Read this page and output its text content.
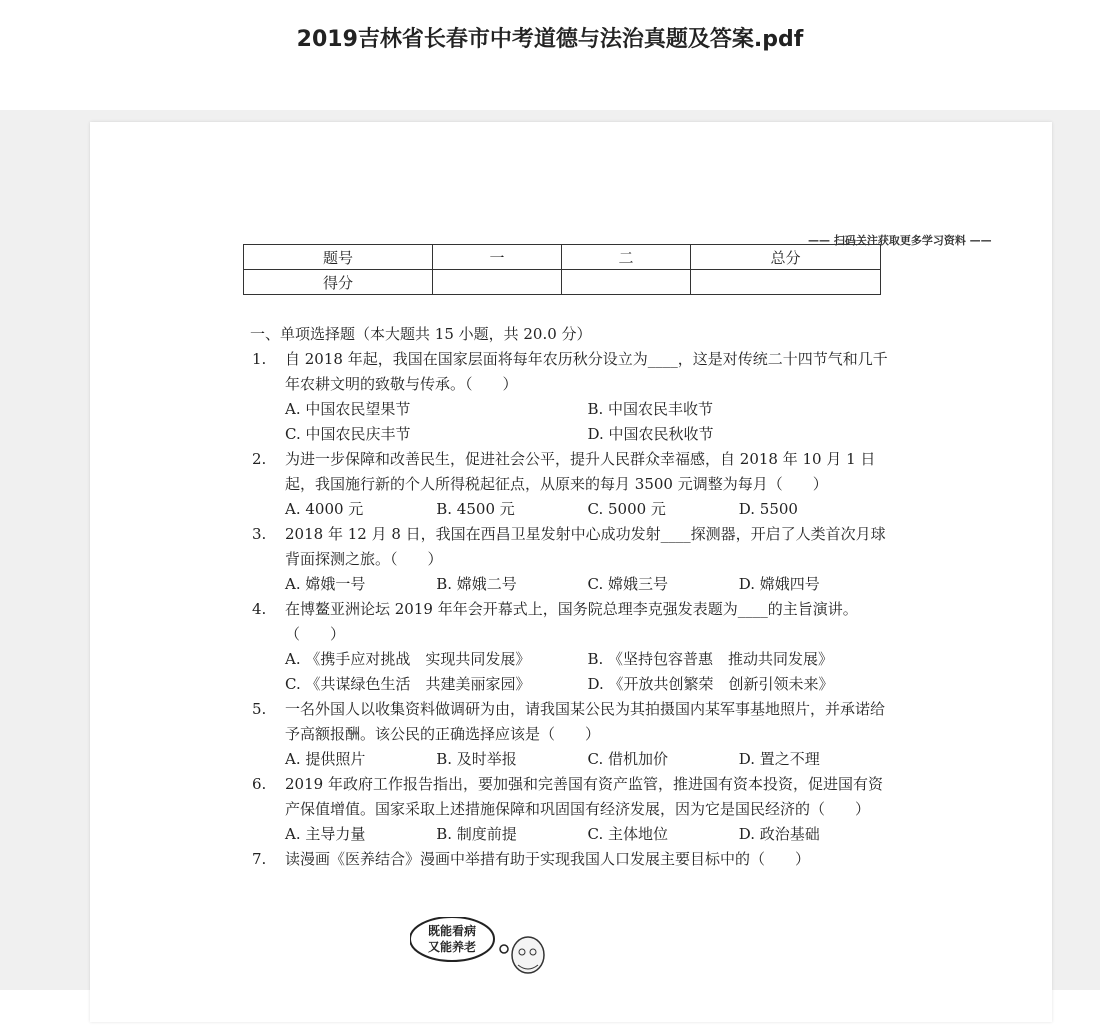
2019吉林省长春市中考道德与法治真题及答案.pdf
—— 扫码关注获取更多学习资料 ——
题号	一	二	总分
得分			

一、单项选择题（本大题共 15 小题，共 20.0 分）

1. 自 2018 年起，我国在国家层面将每年农历秋分设立为____，这是对传统二十四节气和几千年农耕文明的致敬与传承。（　　）
A. 中国农民望果节	B. 中国农民丰收节
C. 中国农民庆丰节	D. 中国农民秋收节
2. 为进一步保障和改善民生，促进社会公平，提升人民群众幸福感，自 2018 年 10 月 1 日起，我国施行新的个人所得税起征点，从原来的每月 3500 元调整为每月（　　）
A. 4000 元	B. 4500 元	C. 5000 元	D. 5500
3. 2018 年 12 月 8 日，我国在西昌卫星发射中心成功发射____探测器，开启了人类首次月球背面探测之旅。（　　）
A. 嫦娥一号	B. 嫦娥二号	C. 嫦娥三号	D. 嫦娥四号
4. 在博鳌亚洲论坛 2019 年年会开幕式上，国务院总理李克强发表题为____的主旨演讲。（　　）
A. 《携手应对挑战　实现共同发展》	B. 《坚持包容普惠　推动共同发展》
C. 《共谋绿色生活　共建美丽家园》	D. 《开放共创繁荣　创新引领未来》
5. 一名外国人以收集资料做调研为由，请我国某公民为其拍摄国内某军事基地照片，并承诺给予高额报酬。该公民的正确选择应该是（　　）
A. 提供照片	B. 及时举报	C. 借机加价	D. 置之不理
6. 2019 年政府工作报告指出，要加强和完善国有资产监管，推进国有资本投资，促进国有资产保值增值。国家采取上述措施保障和巩固国有经济发展，因为它是国民经济的（　　）
A. 主导力量	B. 制度前提	C. 主体地位	D. 政治基础
7. 读漫画《医养结合》漫画中举措有助于实现我国人口发展主要目标中的（　　）
既能看病
又能养老
